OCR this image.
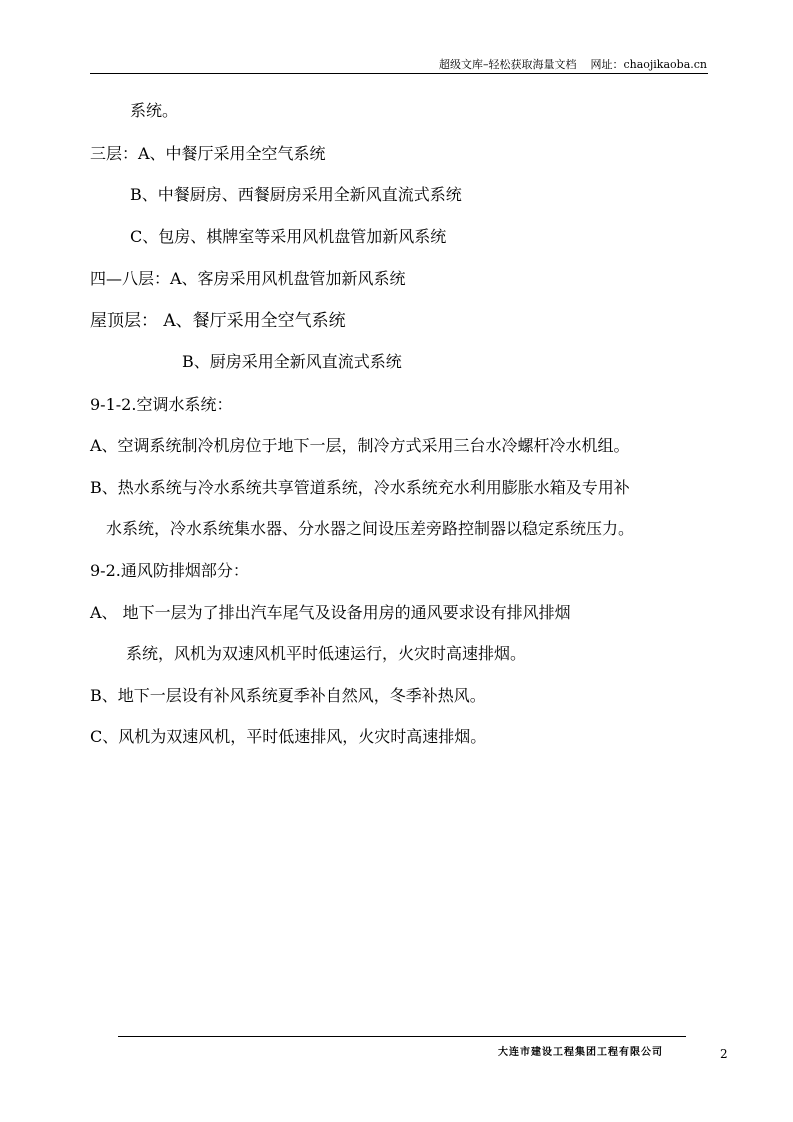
超级文库–轻松获取海量文档 网址：chaojikaoba.cn
系统。
三层：A、中餐厅采用全空气系统
B、中餐厨房、西餐厨房采用全新风直流式系统
C、包房、棋牌室等采用风机盘管加新风系统
四—八层：A、客房采用风机盘管加新风系统
屋顶层： A、餐厅采用全空气系统
B、厨房采用全新风直流式系统
9-1-2.空调水系统：
A、空调系统制冷机房位于地下一层，制冷方式采用三台水冷螺杆冷水机组。
B、热水系统与冷水系统共享管道系统，冷水系统充水利用膨胀水箱及专用补
水系统，冷水系统集水器、分水器之间设压差旁路控制器以稳定系统压力。
9-2.通风防排烟部分：
A、 地下一层为了排出汽车尾气及设备用房的通风要求设有排风排烟
系统，风机为双速风机平时低速运行，火灾时高速排烟。
B、地下一层设有补风系统夏季补自然风，冬季补热风。
C、风机为双速风机，平时低速排风，火灾时高速排烟。
大连市建设工程集团工程有限公司	2
